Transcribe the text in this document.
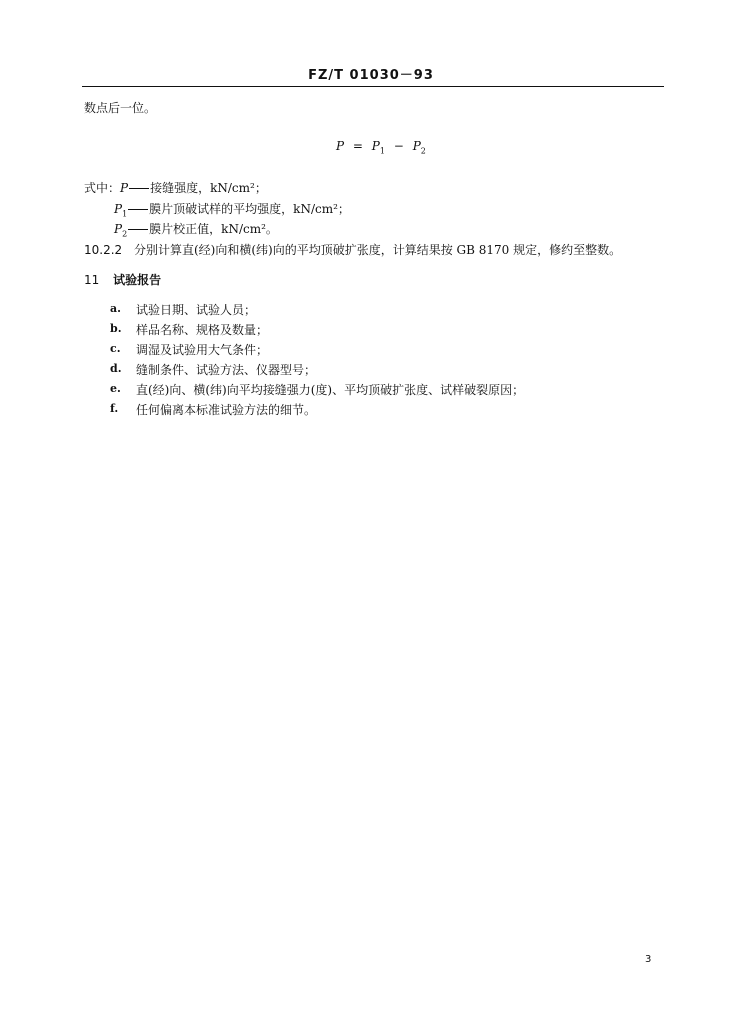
FZ/T 01030－93
数点后一位。
$P = P_1 - P_2$
式中：P 接缝强度，kN/cm²；
$P_1$ 膜片顶破试样的平均强度，kN/cm²；
$P_2$ 膜片校正值，kN/cm²。
10.2.2 分别计算直(经)向和横(纬)向的平均顶破扩张度，计算结果按 GB 8170 规定，修约至整数。
11 试验报告
a. 试验日期、试验人员；
b. 样品名称、规格及数量；
c. 调湿及试验用大气条件；
d. 缝制条件、试验方法、仪器型号；
e. 直(经)向、横(纬)向平均接缝强力(度)、平均顶破扩张度、试样破裂原因；
f. 任何偏离本标准试验方法的细节。
3
